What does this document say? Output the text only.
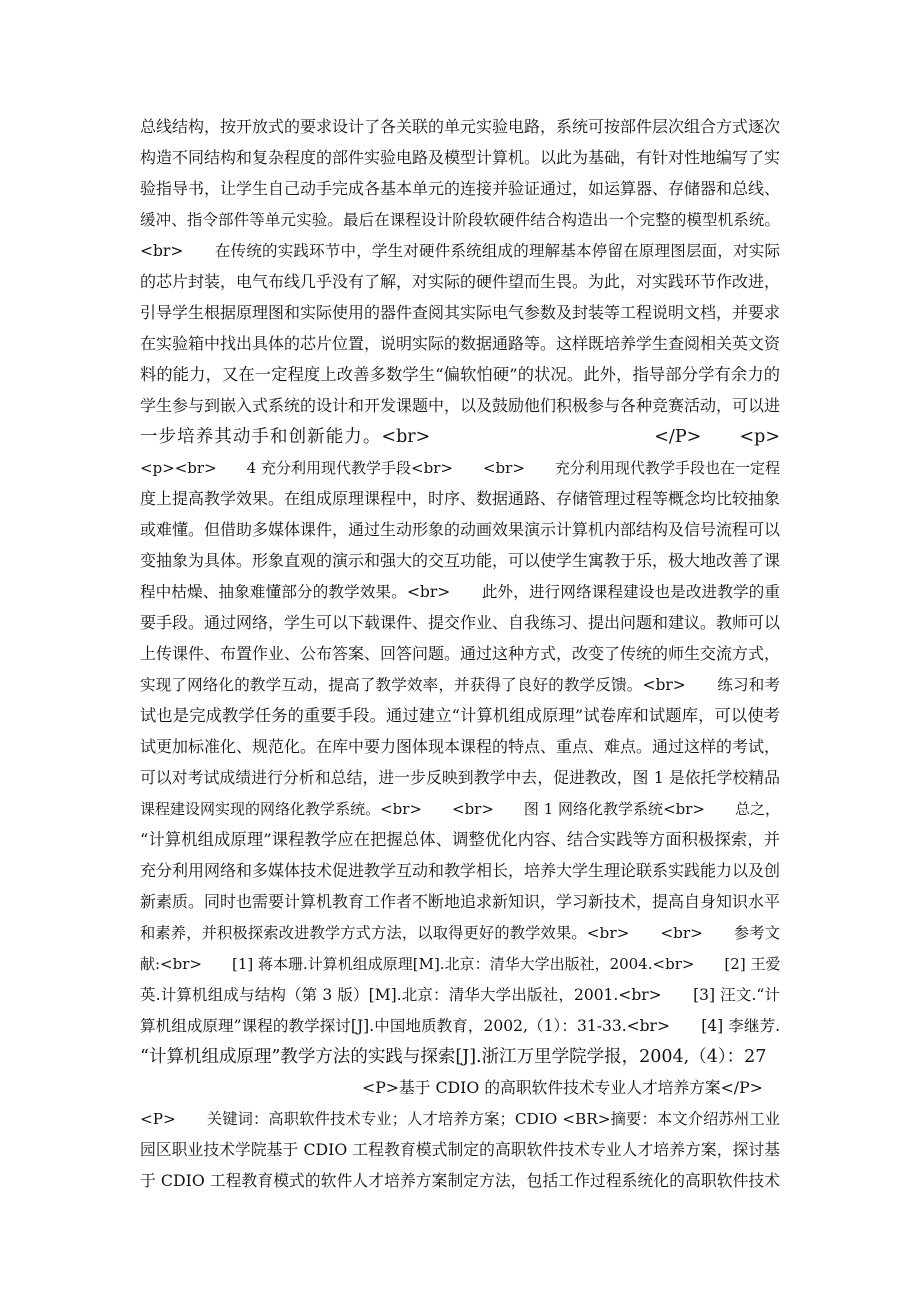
总线结构，按开放式的要求设计了各关联的单元实验电路，系统可按部件层次组合方式逐次
构造不同结构和复杂程度的部件实验电路及模型计算机。以此为基础，有针对性地编写了实
验指导书，让学生自己动手完成各基本单元的连接并验证通过，如运算器、存储器和总线、
缓冲、指令部件等单元实验。最后在课程设计阶段软硬件结合构造出一个完整的模型机系统。
<br>　　在传统的实践环节中，学生对硬件系统组成的理解基本停留在原理图层面，对实际
的芯片封装，电气布线几乎没有了解，对实际的硬件望而生畏。为此，对实践环节作改进，
引导学生根据原理图和实际使用的器件查阅其实际电气参数及封装等工程说明文档，并要求
在实验箱中找出具体的芯片位置，说明实际的数据通路等。这样既培养学生查阅相关英文资
料的能力，又在一定程度上改善多数学生“偏软怕硬”的状况。此外，指导部分学有余力的
学生参与到嵌入式系统的设计和开发课题中，以及鼓励他们积极参与各种竞赛活动，可以进
一步培养其动手和创新能力。<br>　　　　　　　　　　　　</P>　　<p>
<p><br>　　4 充分利用现代教学手段<br>　　<br>　　充分利用现代教学手段也在一定程
度上提高教学效果。在组成原理课程中，时序、数据通路、存储管理过程等概念均比较抽象
或难懂。但借助多媒体课件，通过生动形象的动画效果演示计算机内部结构及信号流程可以
变抽象为具体。形象直观的演示和强大的交互功能，可以使学生寓教于乐，极大地改善了课
程中枯燥、抽象难懂部分的教学效果。<br>　　此外，进行网络课程建设也是改进教学的重
要手段。通过网络，学生可以下载课件、提交作业、自我练习、提出问题和建议。教师可以
上传课件、布置作业、公布答案、回答问题。通过这种方式，改变了传统的师生交流方式，
实现了网络化的教学互动，提高了教学效率，并获得了良好的教学反馈。<br>　　练习和考
试也是完成教学任务的重要手段。通过建立“计算机组成原理”试卷库和试题库，可以使考
试更加标准化、规范化。在库中要力图体现本课程的特点、重点、难点。通过这样的考试，
可以对考试成绩进行分析和总结，进一步反映到教学中去，促进教改，图 1 是依托学校精品
课程建设网实现的网络化教学系统。<br>　　<br>　　图 1 网络化教学系统<br>　　总之，
“计算机组成原理”课程教学应在把握总体、调整优化内容、结合实践等方面积极探索，并
充分利用网络和多媒体技术促进教学互动和教学相长，培养大学生理论联系实践能力以及创
新素质。同时也需要计算机教育工作者不断地追求新知识，学习新技术，提高自身知识水平
和素养，并积极探索改进教学方式方法，以取得更好的教学效果。<br>　　<br>　　参考文
献:<br>　　[1] 蒋本珊.计算机组成原理[M].北京：清华大学出版社，2004.<br>　　[2] 王爱
英.计算机组成与结构（第 3 版）[M].北京：清华大学出版社，2001.<br>　　[3] 汪文.“计
算机组成原理”课程的教学探讨[J].中国地质教育，2002,（1）：31-33.<br>　　[4] 李继芳.
“计算机组成原理”教学方法的实践与探索[J].浙江万里学院学报，2004,（4）：27
<P>基于 CDIO 的高职软件技术专业人才培养方案</P>
<P>　　关键词：高职软件技术专业；人才培养方案；CDIO <BR>摘要：本文介绍苏州工业
园区职业技术学院基于 CDIO 工程教育模式制定的高职软件技术专业人才培养方案，探讨基
于 CDIO 工程教育模式的软件人才培养方案制定方法，包括工作过程系统化的高职软件技术
